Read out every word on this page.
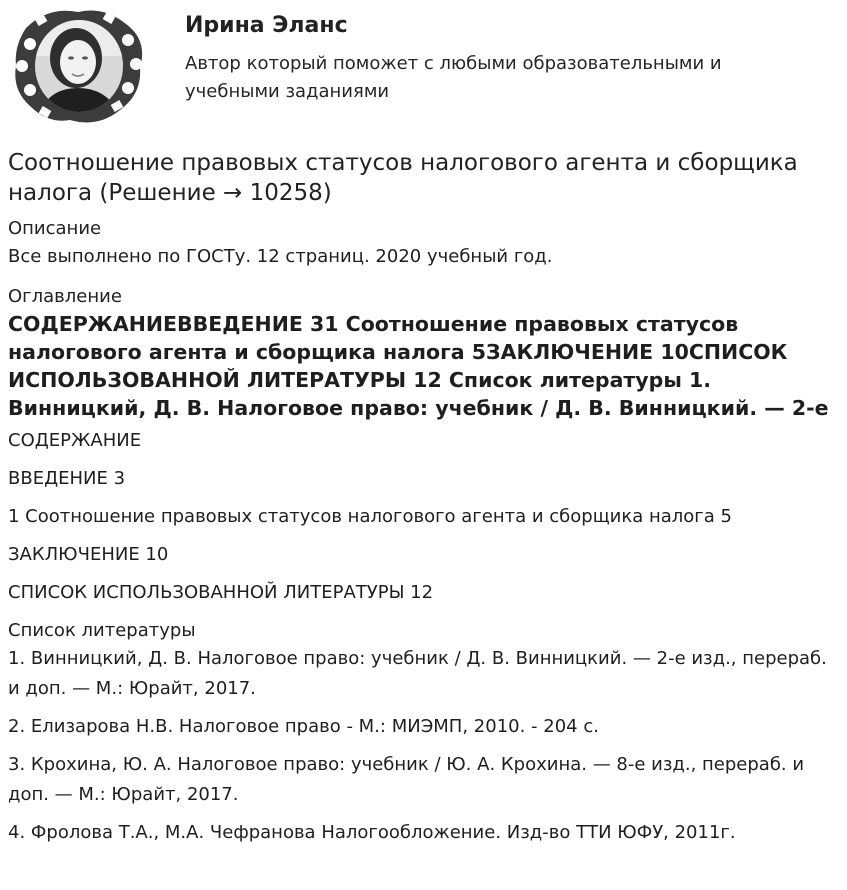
Ирина Эланс
Автор который поможет с любыми образовательными и учебными заданиями
Соотношение правовых статусов налогового агента и сборщика налога (Решение → 10258)

Описание

Все выполнено по ГОСТу. 12 страниц. 2020 учебный год.

Оглавление

СОДЕРЖАНИЕВВЕДЕНИЕ 31 Соотношение правовых статусов налогового агента и сборщика налога 5ЗАКЛЮЧЕНИЕ 10СПИСОК ИСПОЛЬЗОВАННОЙ ЛИТЕРАТУРЫ 12 Список литературы 1. Винницкий, Д. В. Налоговое право: учебник / Д. В. Винницкий. — 2-е

СОДЕРЖАНИЕ

ВВЕДЕНИЕ 3

1 Соотношение правовых статусов налогового агента и сборщика налога 5

ЗАКЛЮЧЕНИЕ 10

СПИСОК ИСПОЛЬЗОВАННОЙ ЛИТЕРАТУРЫ 12

Список литературы

1. Винницкий, Д. В. Налоговое право: учебник / Д. В. Винницкий. — 2-е изд., перераб. и доп. — М.: Юрайт, 2017.

2. Елизарова Н.В. Налоговое право - М.: МИЭМП, 2010. - 204 с.

3. Крохина, Ю. А. Налоговое право: учебник / Ю. А. Крохина. — 8-е изд., перераб. и доп. — М.: Юрайт, 2017.

4. Фролова Т.А., М.А. Чефранова Налогообложение. Изд-во ТТИ ЮФУ, 2011г.
